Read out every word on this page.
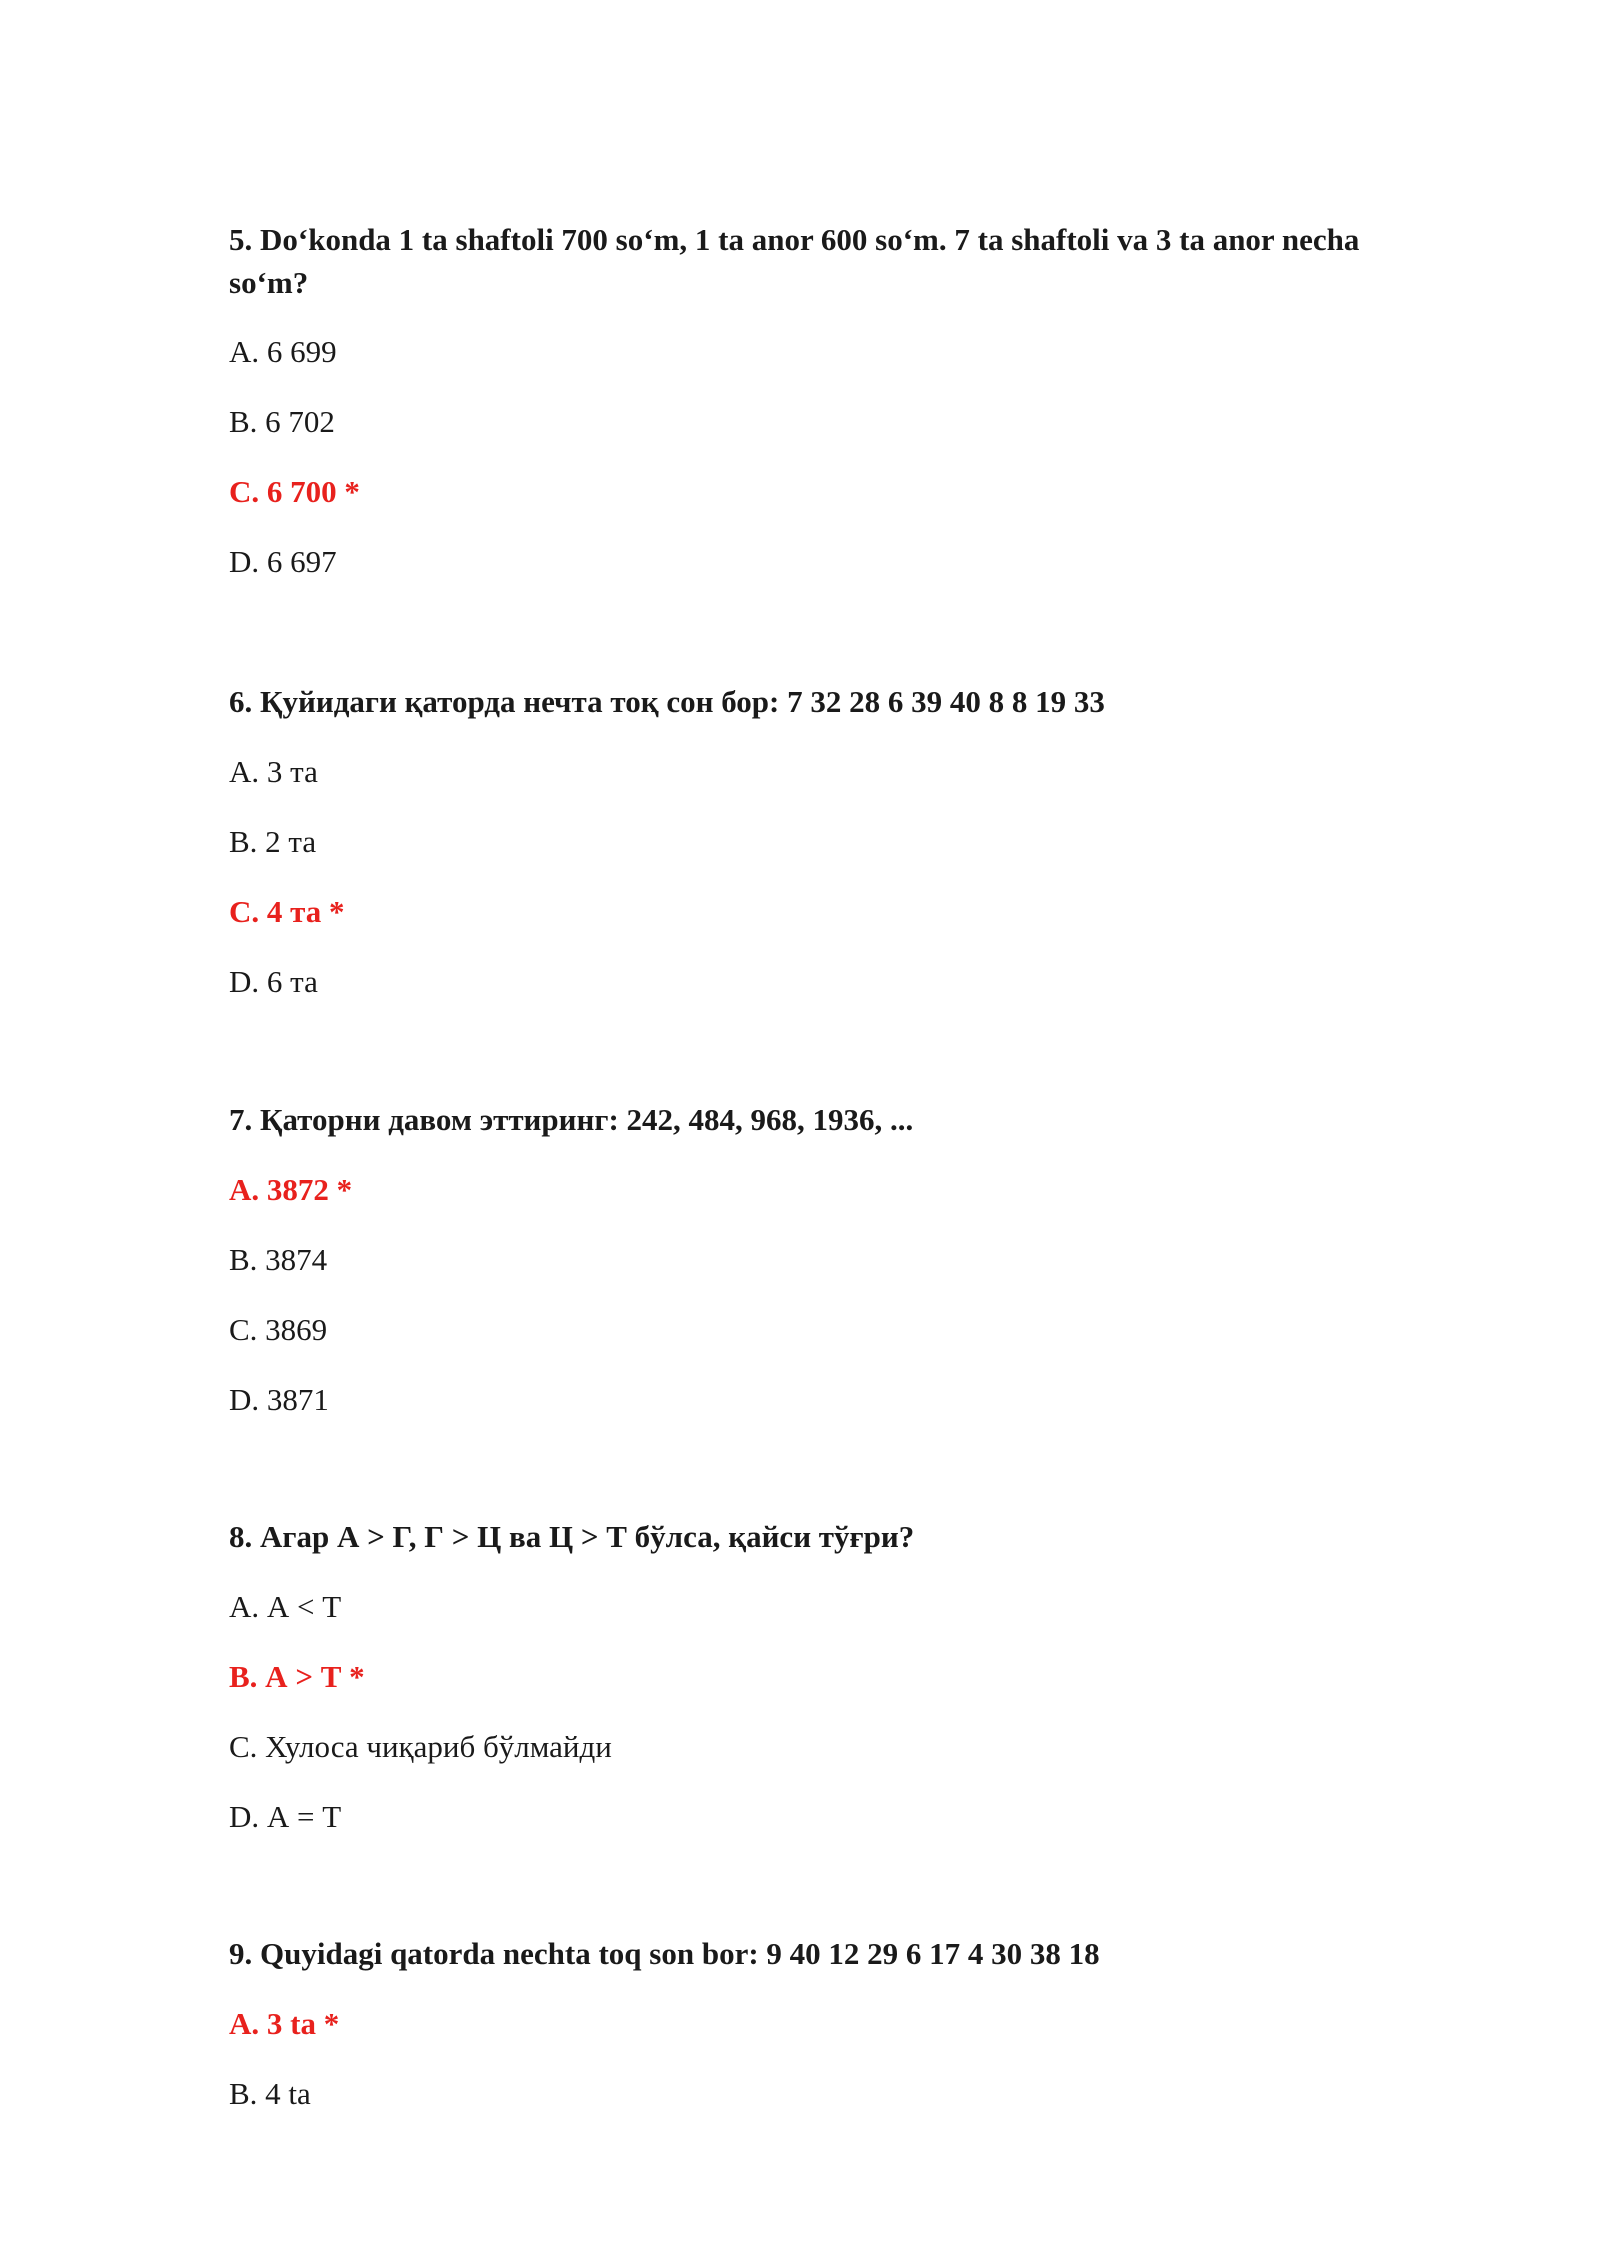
5. Do‘konda 1 ta shaftoli 700 so‘m, 1 ta anor 600 so‘m. 7 ta shaftoli va 3 ta anor necha so‘m?

A. 6 699
B. 6 702
C. 6 700 *
D. 6 697

6. Қуйидаги қаторда нечта тоқ сон бор: 7 32 28 6 39 40 8 8 19 33

A. 3 та
B. 2 та
C. 4 та *
D. 6 та

7. Қаторни давом эттиринг: 242, 484, 968, 1936, ...

A. 3872 *
B. 3874
C. 3869
D. 3871

8. Агар А > Г, Г > Ц ва Ц > Т бўлса, қайси тўғри?

A. А < Т
B. А > Т *
C. Хулоса чиқариб бўлмайди
D. А = Т

9. Quyidagi qatorda nechta toq son bor: 9 40 12 29 6 17 4 30 38 18

A. 3 ta *
B. 4 ta
